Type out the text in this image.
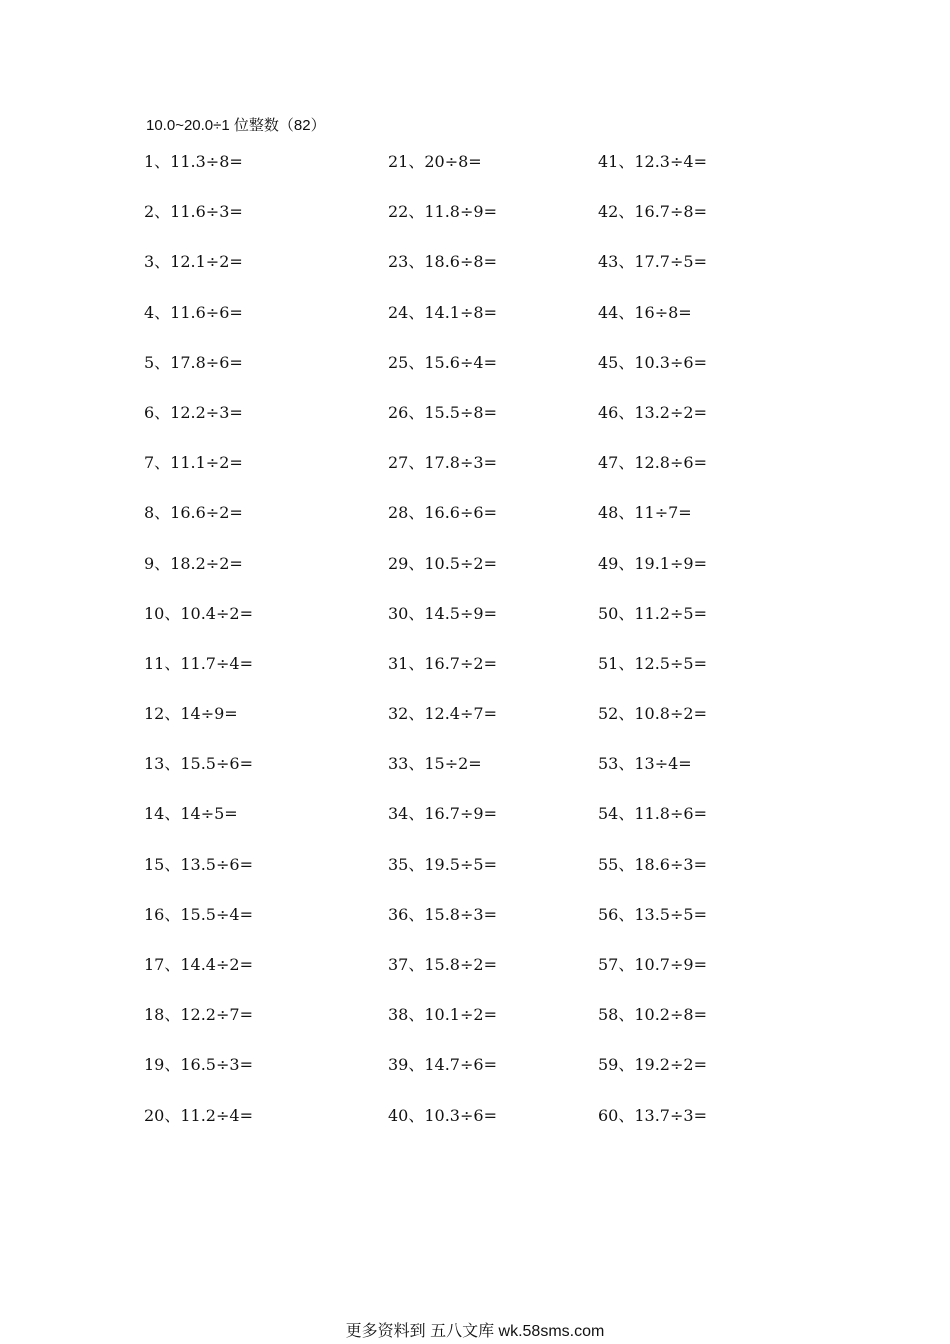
10.0~20.0÷1 位整数（82）
1、11.3÷8=
2、11.6÷3=
3、12.1÷2=
4、11.6÷6=
5、17.8÷6=
6、12.2÷3=
7、11.1÷2=
8、16.6÷2=
9、18.2÷2=
10、10.4÷2=
11、11.7÷4=
12、14÷9=
13、15.5÷6=
14、14÷5=
15、13.5÷6=
16、15.5÷4=
17、14.4÷2=
18、12.2÷7=
19、16.5÷3=
20、11.2÷4=
21、20÷8=
22、11.8÷9=
23、18.6÷8=
24、14.1÷8=
25、15.6÷4=
26、15.5÷8=
27、17.8÷3=
28、16.6÷6=
29、10.5÷2=
30、14.5÷9=
31、16.7÷2=
32、12.4÷7=
33、15÷2=
34、16.7÷9=
35、19.5÷5=
36、15.8÷3=
37、15.8÷2=
38、10.1÷2=
39、14.7÷6=
40、10.3÷6=
41、12.3÷4=
42、16.7÷8=
43、17.7÷5=
44、16÷8=
45、10.3÷6=
46、13.2÷2=
47、12.8÷6=
48、11÷7=
49、19.1÷9=
50、11.2÷5=
51、12.5÷5=
52、10.8÷2=
53、13÷4=
54、11.8÷6=
55、18.6÷3=
56、13.5÷5=
57、10.7÷9=
58、10.2÷8=
59、19.2÷2=
60、13.7÷3=
更多资料到 五八文库 wk.58sms.com
